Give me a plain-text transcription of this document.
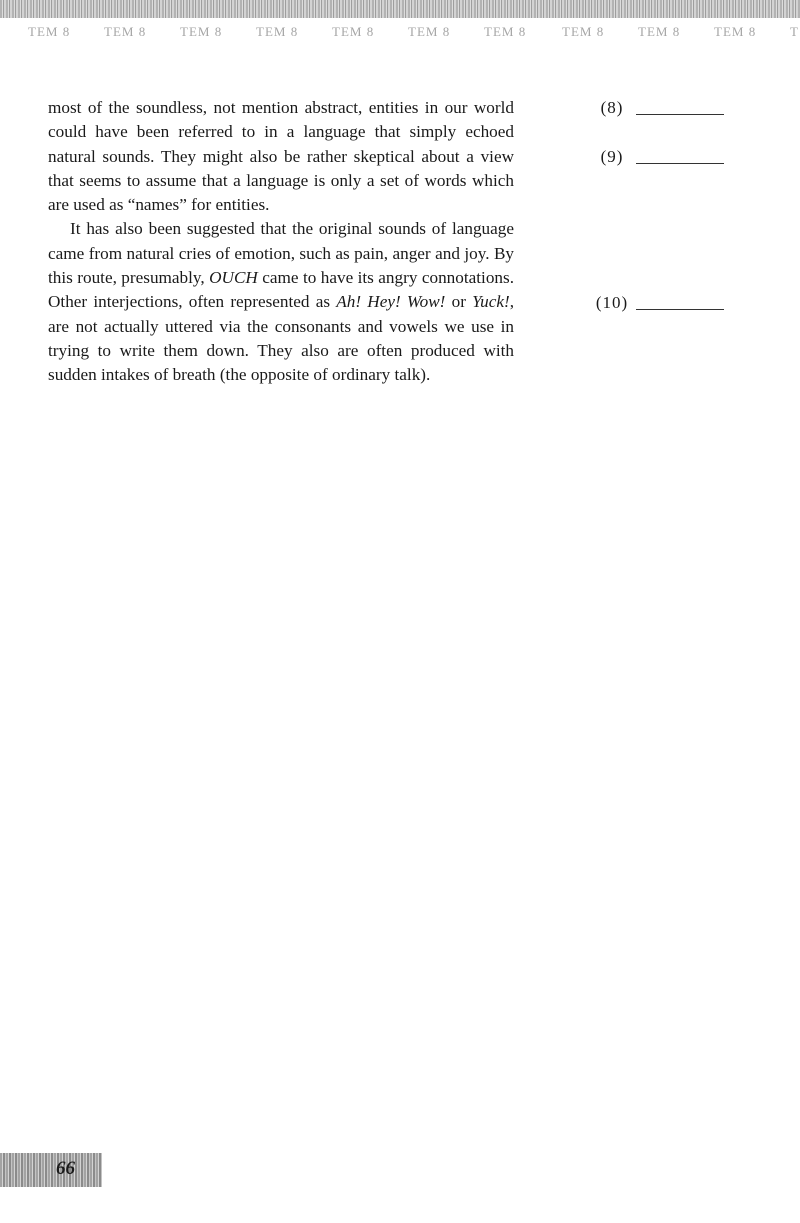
TEM 8	TEM 8	TEM 8	TEM 8	TEM 8	TEM 8	TEM 8	TEM 8	TEM 8	TEM 8	T

most of the soundless, not mention abstract, entities in our world could have been referred to in a language that simply echoed natural sounds. They might also be rather skeptical about a view that seems to assume that a language is only a set of words which are used as “names” for entities.

It has also been suggested that the original sounds of language came from natural cries of emotion, such as pain, anger and joy. By this route, presumably, OUCH came to have its angry connotations. Other interjections, often represented as Ah! Hey! Wow! or Yuck!, are not actually uttered via the consonants and vowels we use in trying to write them down. They also are often produced with sudden intakes of breath (the opposite of ordinary talk).

(8)
(9)
(10)
66
